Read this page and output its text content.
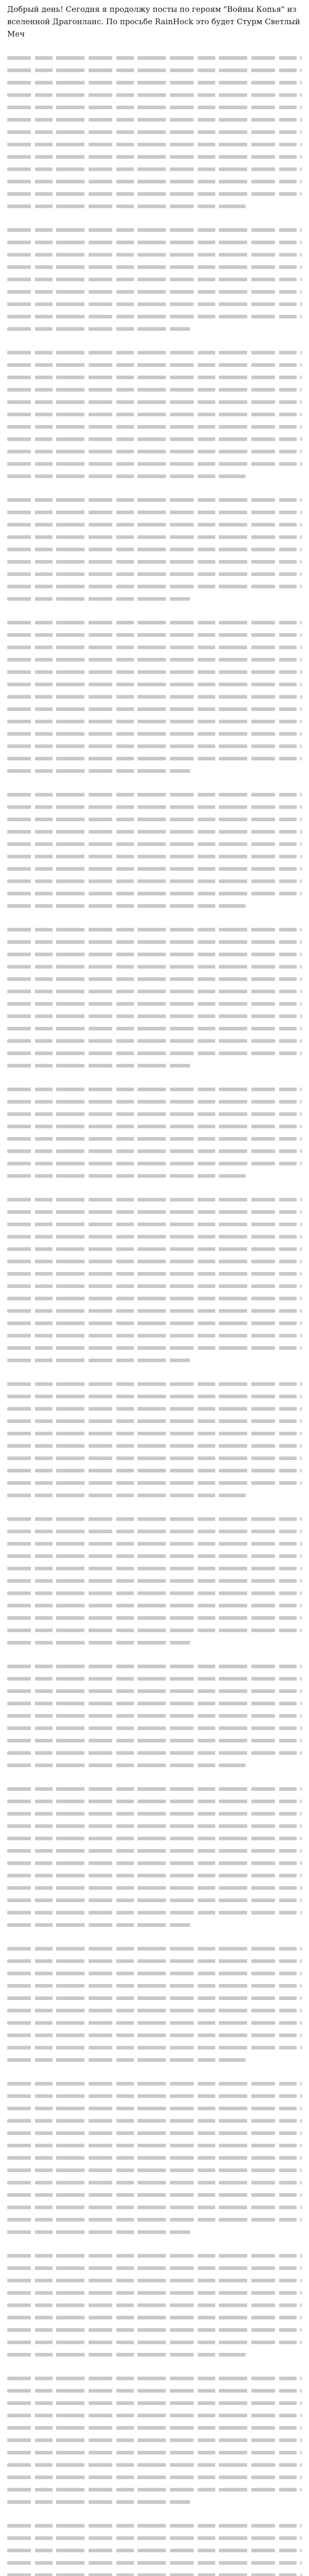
Добрый день! Сегодня я продолжу посты по героям "Войны Копья" из вселенной Драгонланс. По просьбе RainHock это будет Стурм Светлый Меч
